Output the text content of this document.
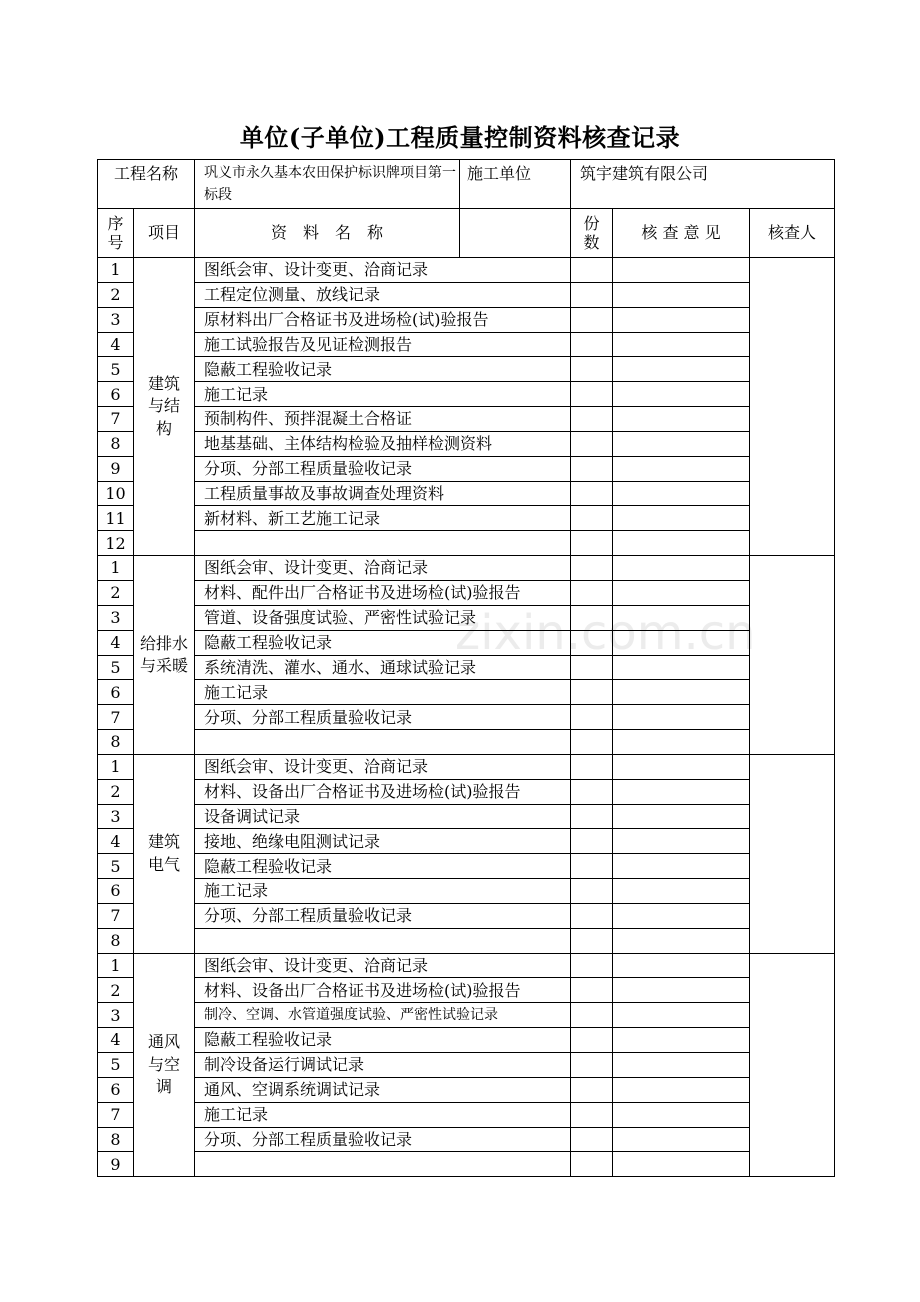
单位(子单位)工程质量控制资料核查记录
zixin.com.cn
工程名称		巩义市永久基本农田保护标识牌项目第一标段	施工单位	筑宇建筑有限公司		
序号	项目	资　料　名　称		份数	核 查 意 见	核查人
1	建筑
与结
构	图纸会审、设计变更、洽商记录				
2		工程定位测量、放线记录				
3		原材料出厂合格证书及进场检(试)验报告				
4		施工试验报告及见证检测报告				
5		隐蔽工程验收记录				
6		施工记录				
7		预制构件、预拌混凝土合格证				
8		地基基础、主体结构检验及抽样检测资料				
9		分项、分部工程质量验收记录				
10		工程质量事故及事故调查处理资料				
11		新材料、新工艺施工记录				
12						
1	给排水与采暖	图纸会审、设计变更、洽商记录				
2		材料、配件出厂合格证书及进场检(试)验报告				
3		管道、设备强度试验、严密性试验记录				
4		隐蔽工程验收记录				
5		系统清洗、灌水、通水、通球试验记录				
6		施工记录				
7		分项、分部工程质量验收记录				
8						
1	建筑
电气	图纸会审、设计变更、洽商记录				
2		材料、设备出厂合格证书及进场检(试)验报告				
3		设备调试记录				
4		接地、绝缘电阻测试记录				
5		隐蔽工程验收记录				
6		施工记录				
7		分项、分部工程质量验收记录				
8						
1	通风
与空
调	图纸会审、设计变更、洽商记录				
2		材料、设备出厂合格证书及进场检(试)验报告				
3		制冷、空调、水管道强度试验、严密性试验记录				
4		隐蔽工程验收记录				
5		制冷设备运行调试记录				
6		通风、空调系统调试记录				
7		施工记录				
8		分项、分部工程质量验收记录				
9						
